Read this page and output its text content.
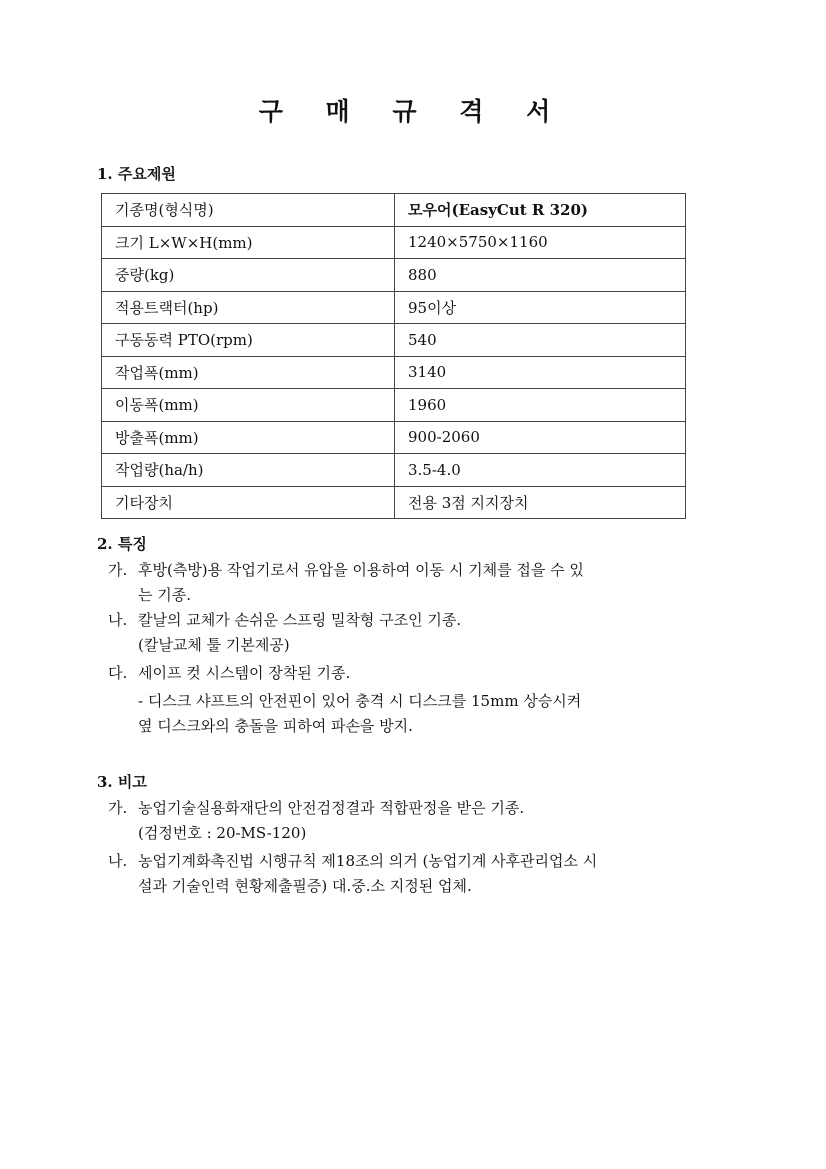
구 매 규 격 서
1. 주요제원
기종명(형식명)	모우어(EasyCut R 320)
크기 L×W×H(mm)	1240×5750×1160
중량(kg)	880
적용트랙터(hp)	95이상
구동동력 PTO(rpm)	540
작업폭(mm)	3140
이동폭(mm)	1960
방출폭(mm)	900-2060
작업량(ha/h)	3.5-4.0
기타장치	전용 3점 지지장치
2. 특징
가. 후방(측방)용 작업기로서 유압을 이용하여 이동 시 기체를 접을 수 있
는 기종.
나. 칼날의 교체가 손쉬운 스프링 밀착형 구조인 기종.
(칼날교체 툴 기본제공)
다. 세이프 컷 시스템이 장착된 기종.
- 디스크 샤프트의 안전핀이 있어 충격 시 디스크를 15mm 상승시켜
옆 디스크와의 충돌을 피하여 파손을 방지.
3. 비고
가. 농업기술실용화재단의 안전검정결과 적합판정을 받은 기종.
(검정번호 : 20-MS-120)
나. 농업기계화촉진법 시행규칙 제18조의 의거 (농업기계 사후관리업소 시
설과 기술인력 현황제출필증) 대.중.소 지정된 업체.
